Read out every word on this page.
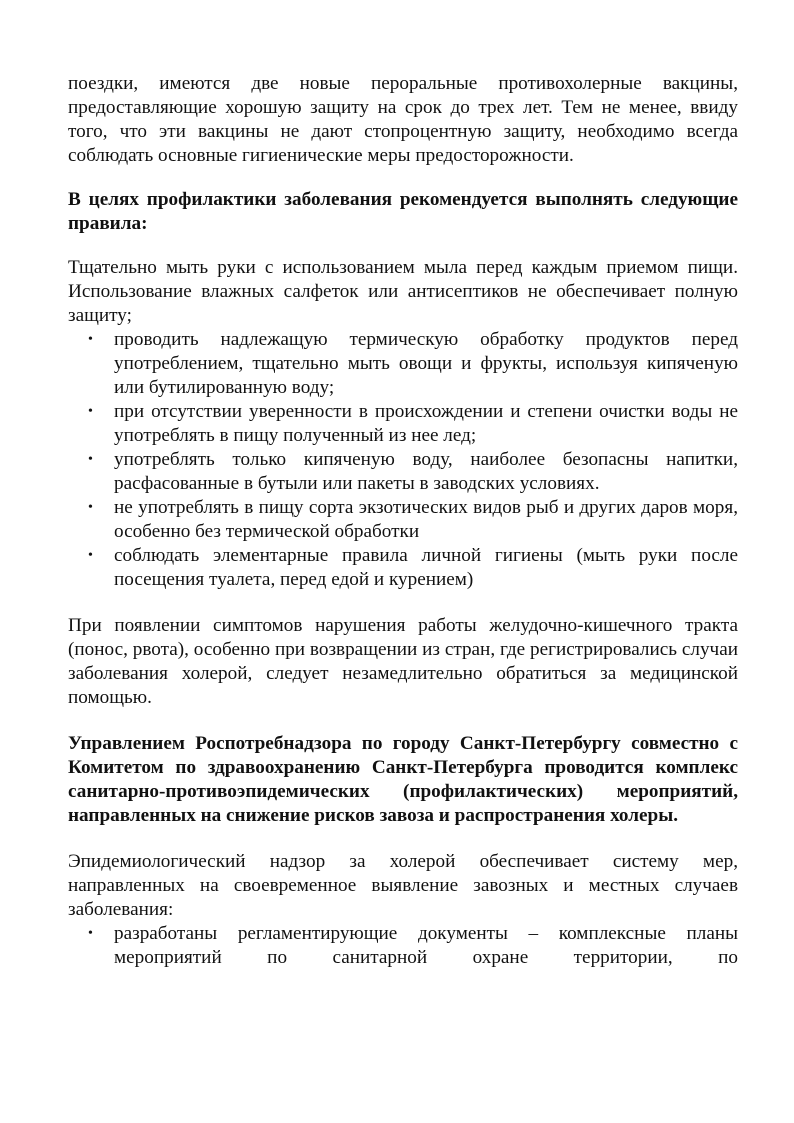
поездки, имеются две новые пероральные противохолерные вакцины, предоставляющие хорошую защиту на срок до трех лет. Тем не менее, ввиду того, что эти вакцины не дают стопроцентную защиту, необходимо всегда соблюдать основные гигиенические меры предосторожности.

В целях профилактики заболевания рекомендуется выполнять следующие правила:

Тщательно мыть руки с использованием мыла перед каждым приемом пищи. Использование влажных салфеток или антисептиков не обеспечивает полную защиту;

• проводить надлежащую термическую обработку продуктов перед употреблением, тщательно мыть овощи и фрукты, используя кипяченую или бутилированную воду;
• при отсутствии уверенности в происхождении и степени очистки воды не употреблять в пищу полученный из нее лед;
• употреблять только кипяченую воду, наиболее безопасны напитки, расфасованные в бутыли или пакеты в заводских условиях.
• не употреблять в пищу сорта экзотических видов рыб и других даров моря, особенно без термической обработки
• соблюдать элементарные правила личной гигиены (мыть руки после посещения туалета, перед едой и курением)

При появлении симптомов нарушения работы желудочно-кишечного тракта (понос, рвота), особенно при возвращении из стран, где регистрировались случаи заболевания холерой, следует незамедлительно обратиться за медицинской помощью.

Управлением Роспотребнадзора по городу Санкт-Петербургу совместно с Комитетом по здравоохранению Санкт-Петербурга проводится комплекс санитарно-противоэпидемических (профилактических) мероприятий, направленных на снижение рисков завоза и распространения холеры.

Эпидемиологический надзор за холерой обеспечивает систему мер, направленных на своевременное выявление завозных и местных случаев заболевания:

• разработаны регламентирующие документы – комплексные планы мероприятий по санитарной охране территории, по
